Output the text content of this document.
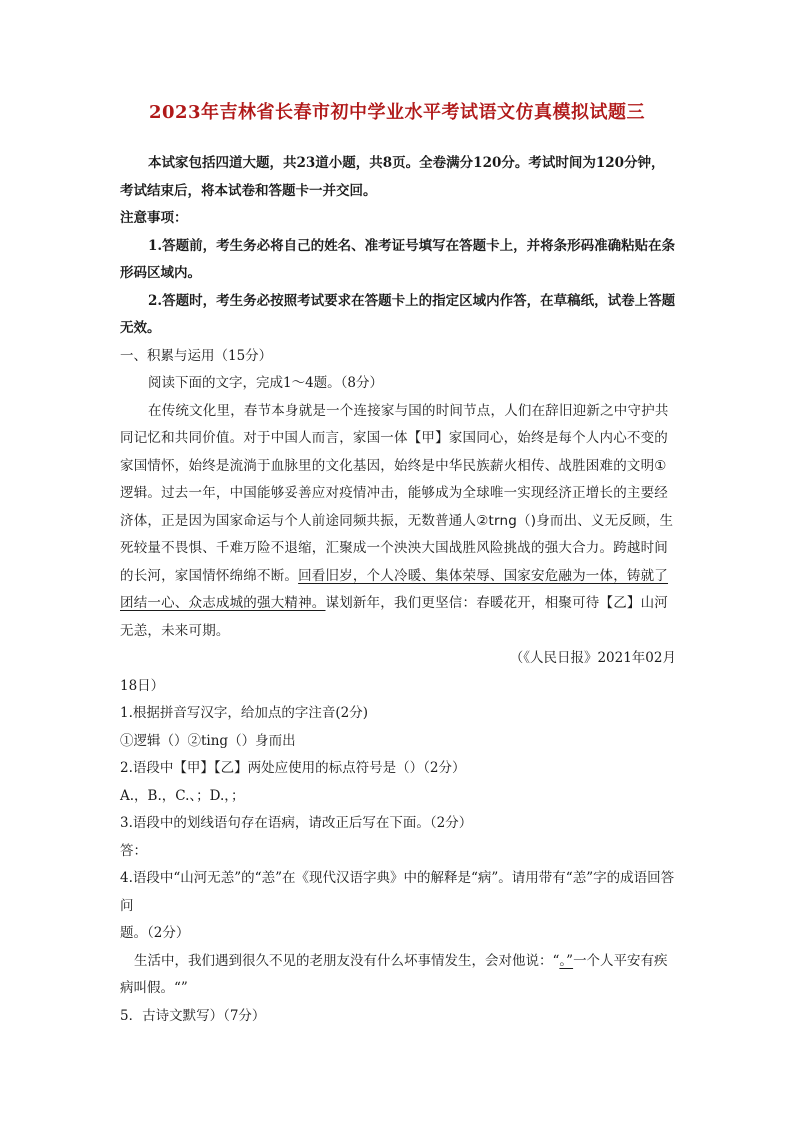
2023年吉林省长春市初中学业水平考试语文仿真模拟试题三

本试家包括四道大题，共23道小题，共8页。全卷满分120分。考试时间为120分钟，考试结束后，将本试卷和答题卡一并交回。

注意事项：

1.答题前，考生务必将自己的姓名、准考证号填写在答题卡上，并将条形码准确粘贴在条形码区域内。

2.答题时，考生务必按照考试要求在答题卡上的指定区域内作答，在草稿纸，试卷上答题无效。

一、积累与运用（15分）

阅读下面的文字，完成1～4题。（8分）

在传统文化里，春节本身就是一个连接家与国的时间节点，人们在辞旧迎新之中守护共同记忆和共同价值。对于中国人而言，家国一体【甲】家国同心，始终是每个人内心不变的家国情怀，始终是流淌于血脉里的文化基因，始终是中华民族薪火相传、战胜困难的文明①逻辑。过去一年，中国能够妥善应对疫情冲击，能够成为全球唯一实现经济正增长的主要经济体，正是因为国家命运与个人前途同频共振，无数普通人②trng（)身而出、义无反顾，生死较量不畏惧、千难万险不退缩，汇聚成一个泱泱大国战胜风险挑战的强大合力。跨越时间的长河，家国情怀绵绵不断。回看旧岁，个人冷暖、集体荣辱、国家安危融为一体，铸就了团结一心、众志成城的强大精神。谋划新年，我们更坚信：春暖花开，相聚可待【乙】山河无恙，未来可期。

（《人民日报》2021年02月

18日）

1.根据拼音写汉字，给加点的字注音(2分)

①逻辑（）②ting（）身而出

2.语段中【甲】【乙】两处应使用的标点符号是（）（2分）

A.，B.，C.、；D.，；

3.语段中的划线语句存在语病，请改正后写在下面。（2分）

答：

4.语段中“山河无恙”的“恙”在《现代汉语字典》中的解释是“病”。请用带有“恙”字的成语回答问

题。（2分）

生活中，我们遇到很久不见的老朋友没有什么坏事情发生，会对他说：“。”一个人平安有疾病叫假。“”

5．古诗文默写）（7分）
